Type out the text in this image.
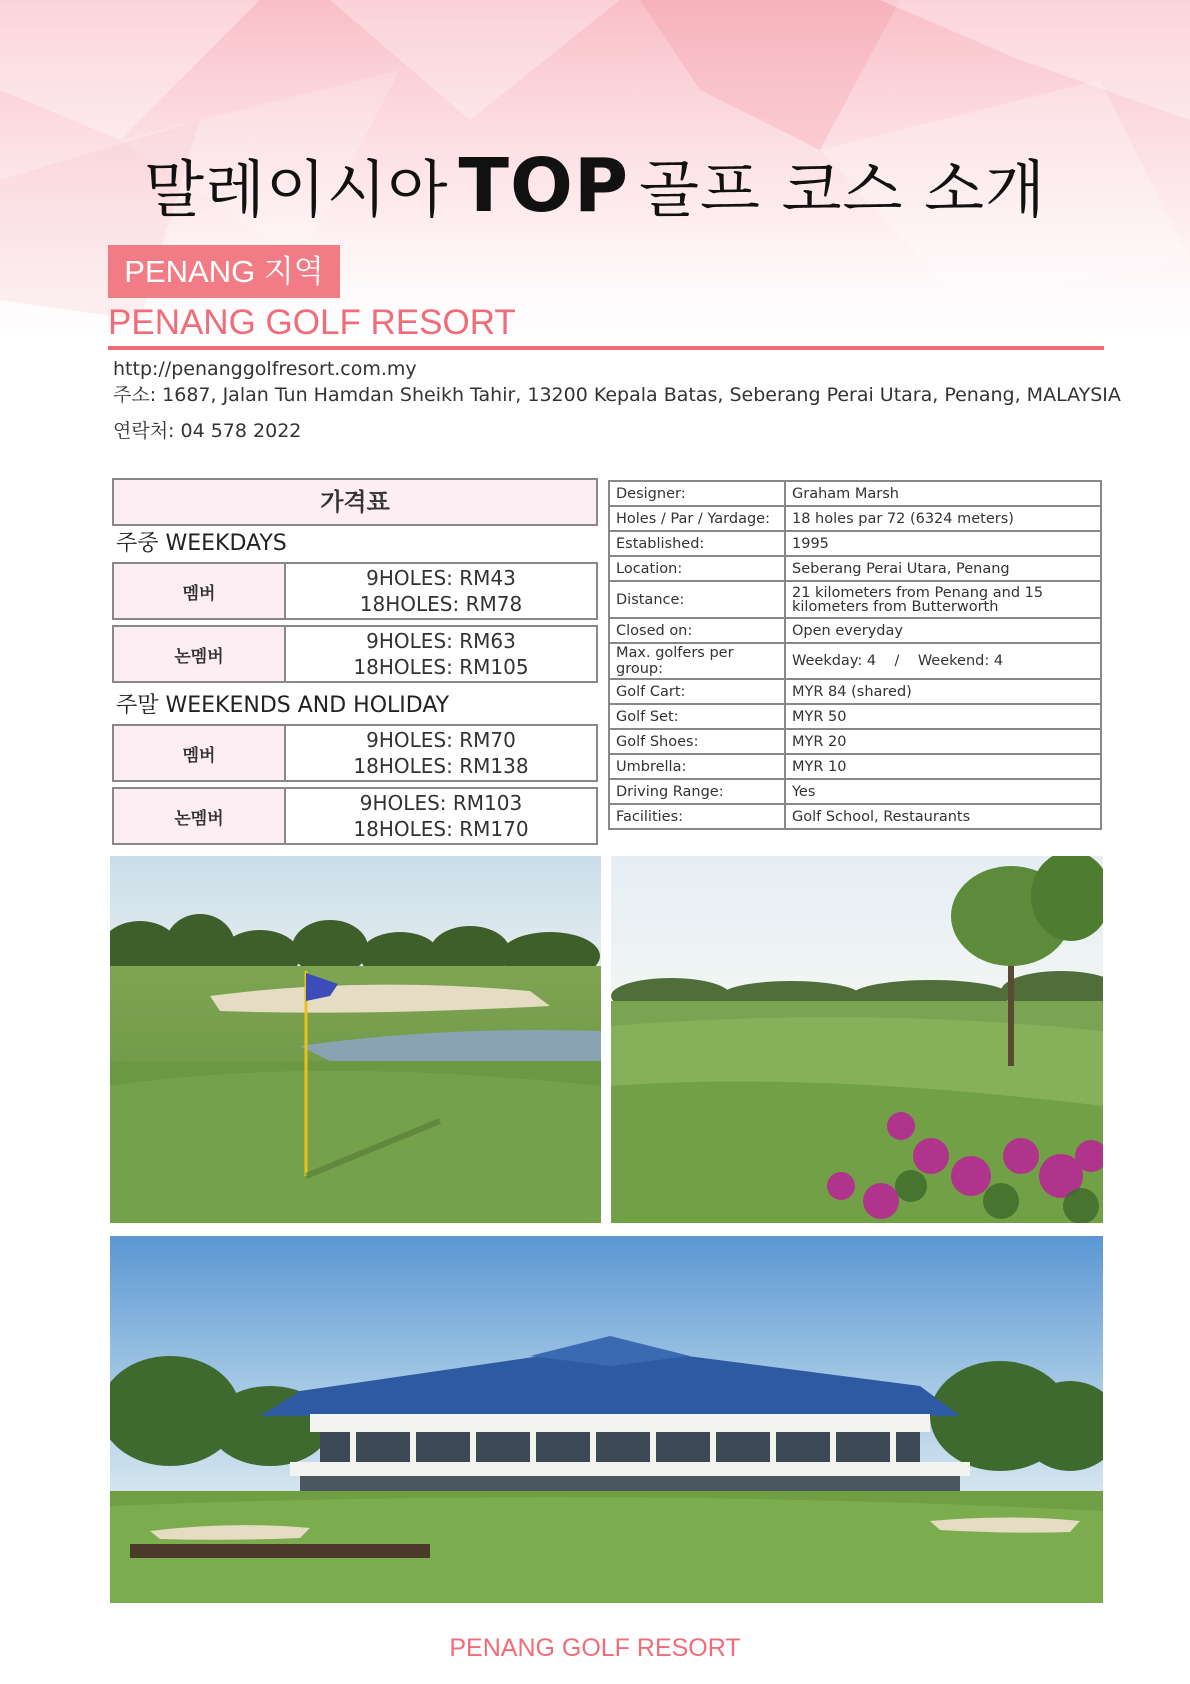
말레이시아 TOP 골프 코스 소개
PENANG 지역
PENANG GOLF RESORT
http://penanggolfresort.com.my
주소: 1687, Jalan Tun Hamdan Sheikh Tahir, 13200 Kepala Batas, Seberang Perai Utara, Penang, MALAYSIA
연락처: 04 578 2022
가격표
주중 WEEKDAYS
멤버
9HOLES: RM43
18HOLES: RM78
논멤버
9HOLES: RM63
18HOLES: RM105
주말 WEEKENDS AND HOLIDAY
멤버
9HOLES: RM70
18HOLES: RM138
논멤버
9HOLES: RM103
18HOLES: RM170
Designer:	Graham Marsh
Holes / Par / Yardage:	18 holes par 72 (6324 meters)
Established:	1995
Location:	Seberang Perai Utara, Penang
Distance:	21 kilometers from Penang and 15 kilometers from Butterworth
Closed on:	Open everyday
Max. golfers per group:	Weekday: 4    /    Weekend: 4
Golf Cart:	MYR 84 (shared)
Golf Set:	MYR 50
Golf Shoes:	MYR 20
Umbrella:	MYR 10
Driving Range:	Yes
Facilities:	Golf School, Restaurants
PENANG GOLF RESORT
